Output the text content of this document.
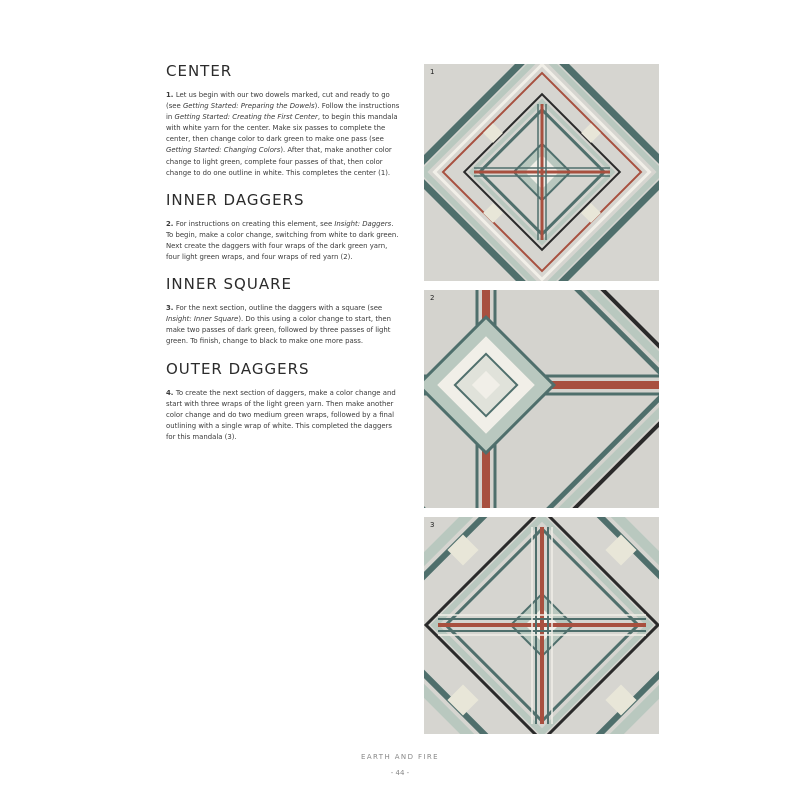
CENTER

1. Let us begin with our two dowels marked, cut and ready to go (see Getting Started: Preparing the Dowels). Follow the instructions in Getting Started: Creating the First Center, to begin this mandala with white yarn for the center. Make six passes to complete the center, then change color to dark green to make one pass (see Getting Started: Changing Colors). After that, make another color change to light green, complete four passes of that, then color change to do one outline in white. This completes the center (1).

INNER DAGGERS

2. For instructions on creating this element, see Insight: Daggers. To begin, make a color change, switching from white to dark green. Next create the daggers with four wraps of the dark green yarn, four light green wraps, and four wraps of red yarn (2).

INNER SQUARE

3. For the next section, outline the daggers with a square (see Insight: Inner Square). Do this using a color change to start, then make two passes of dark green, followed by three passes of light green. To finish, change to black to make one more pass.

OUTER DAGGERS

4. To create the next section of daggers, make a color change and start with three wraps of the light green yarn. Then make another color change and do two medium green wraps, followed by a final outlining with a single wrap of white. This completed the daggers for this mandala (3).

1
2
3
EARTH AND FIRE
- 44 -
